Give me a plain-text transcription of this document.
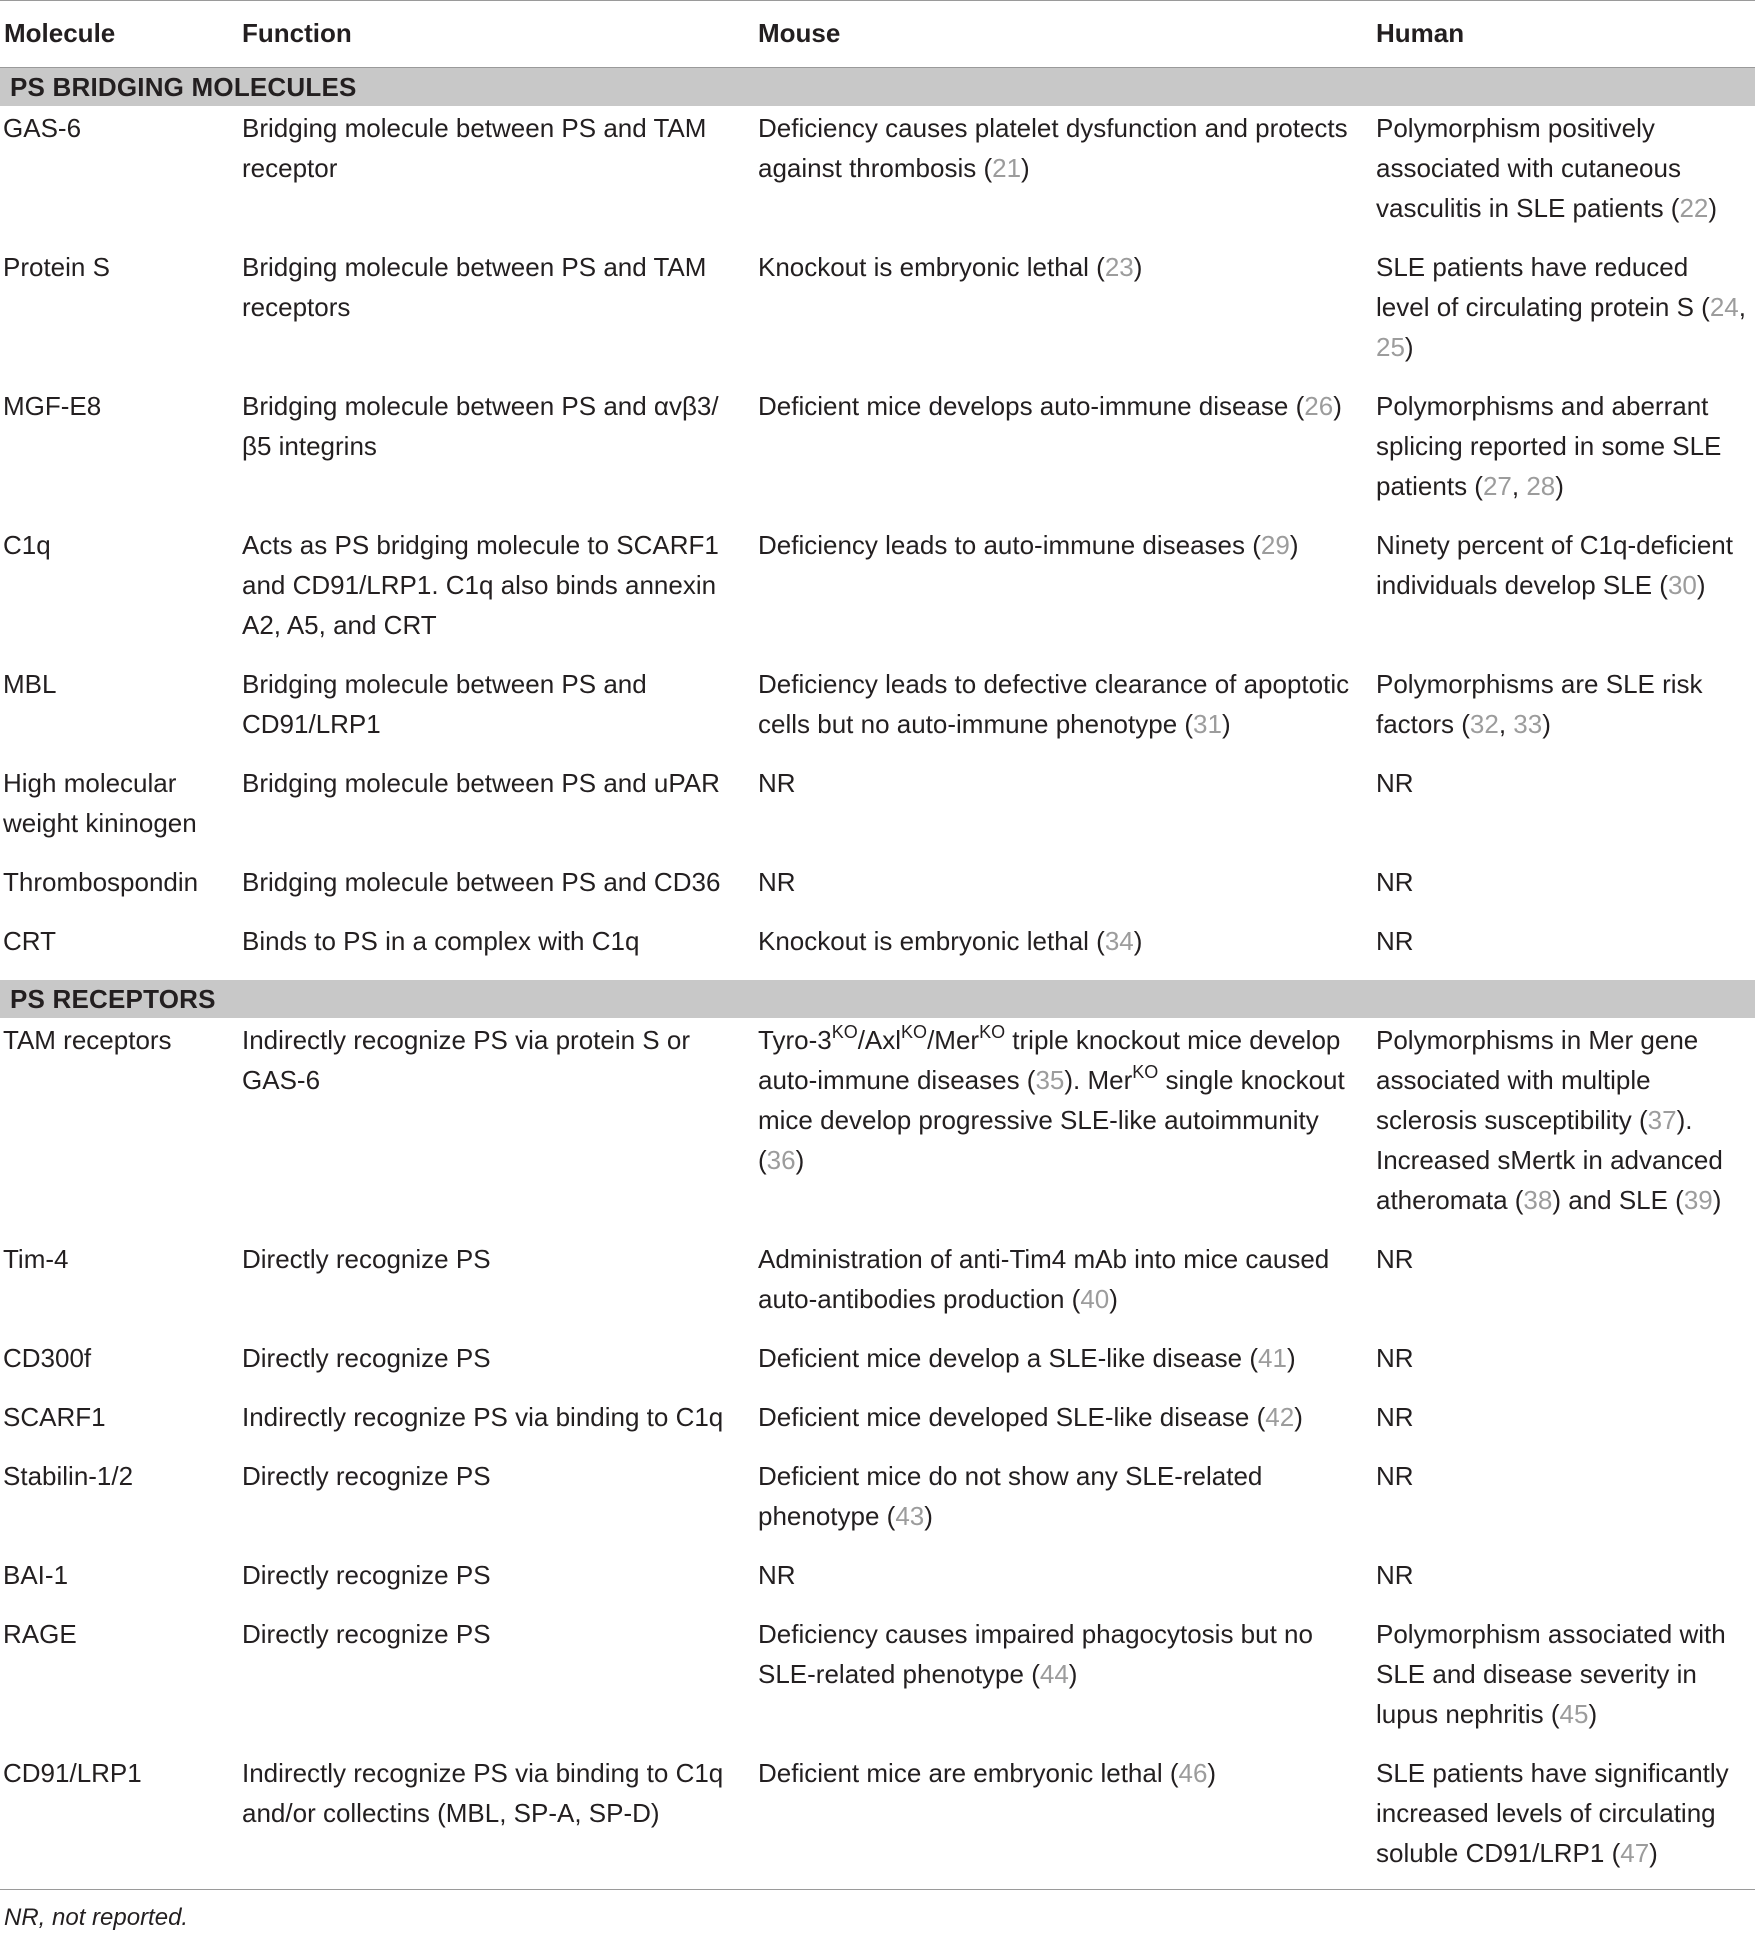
Molecule	Function	Mouse	Human
PS BRIDGING MOLECULES			
GAS-6	Bridging molecule between PS and TAM receptor	Deficiency causes platelet dysfunction and protects against thrombosis (21)	Polymorphism positively associated with cutaneous vasculitis in SLE patients (22)
Protein S	Bridging molecule between PS and TAM receptors	Knockout is embryonic lethal (23)	SLE patients have reduced level of circulating protein S (24, 25)
MGF-E8	Bridging molecule between PS and αvβ3/β5 integrins	Deficient mice develops auto-immune disease (26)	Polymorphisms and aberrant splicing reported in some SLE patients (27, 28)
C1q	Acts as PS bridging molecule to SCARF1 and CD91/LRP1. C1q also binds annexin A2, A5, and CRT	Deficiency leads to auto-immune diseases (29)	Ninety percent of C1q-deficient individuals develop SLE (30)
MBL	Bridging molecule between PS and CD91/LRP1	Deficiency leads to defective clearance of apoptotic cells but no auto-immune phenotype (31)	Polymorphisms are SLE risk factors (32, 33)
High molecular weight kininogen	Bridging molecule between PS and uPAR	NR	NR
Thrombospondin	Bridging molecule between PS and CD36	NR	NR
CRT	Binds to PS in a complex with C1q	Knockout is embryonic lethal (34)	NR
PS RECEPTORS			
TAM receptors	Indirectly recognize PS via protein S or GAS-6	Tyro-$3^{KO}/Axl^{KO}/Mer^{KO}$ triple knockout mice develop auto-immune diseases (35). Mer$^{KO}$ single knockout mice develop progressive SLE-like autoimmunity (36)	Polymorphisms in Mer gene associated with multiple sclerosis susceptibility (37). Increased sMertk in advanced atheromata (38) and SLE (39)
Tim-4	Directly recognize PS	Administration of anti-Tim4 mAb into mice caused auto-antibodies production (40)	NR
CD300f	Directly recognize PS	Deficient mice develop a SLE-like disease (41)	NR
SCARF1	Indirectly recognize PS via binding to C1q	Deficient mice developed SLE-like disease (42)	NR
Stabilin-1/2	Directly recognize PS	Deficient mice do not show any SLE-related phenotype (43)	NR
BAI-1	Directly recognize PS	NR	NR
RAGE	Directly recognize PS	Deficiency causes impaired phagocytosis but no SLE-related phenotype (44)	Polymorphism associated with SLE and disease severity in lupus nephritis (45)
CD91/LRP1	Indirectly recognize PS via binding to C1q and/or collectins (MBL, SP-A, SP-D)	Deficient mice are embryonic lethal (46)	SLE patients have significantly increased levels of circulating soluble CD91/LRP1 (47)
NR, not reported.
